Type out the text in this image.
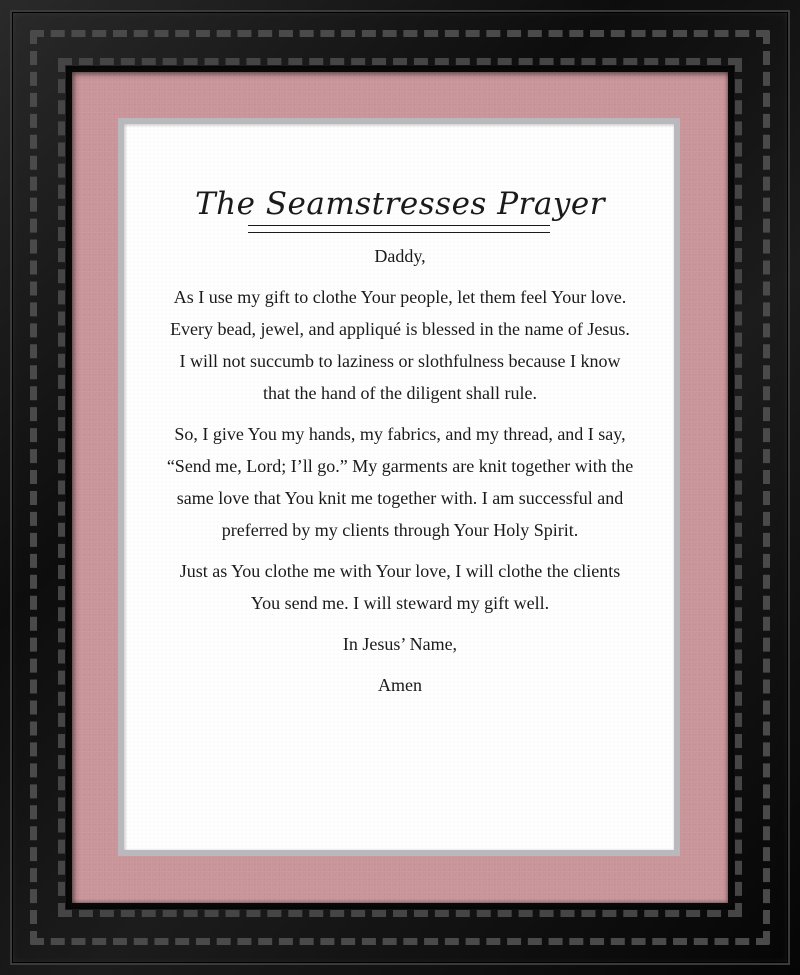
The Seamstresses Prayer

Daddy,

As I use my gift to clothe Your people, let them feel Your love. Every bead, jewel, and appliqué is blessed in the name of Jesus. I will not succumb to laziness or slothfulness because I know that the hand of the diligent shall rule.

So, I give You my hands, my fabrics, and my thread, and I say, “Send me, Lord; I’ll go.” My garments are knit together with the same love that You knit me together with. I am successful and preferred by my clients through Your Holy Spirit.

Just as You clothe me with Your love, I will clothe the clients You send me. I will steward my gift well.

In Jesus’ Name,

Amen
